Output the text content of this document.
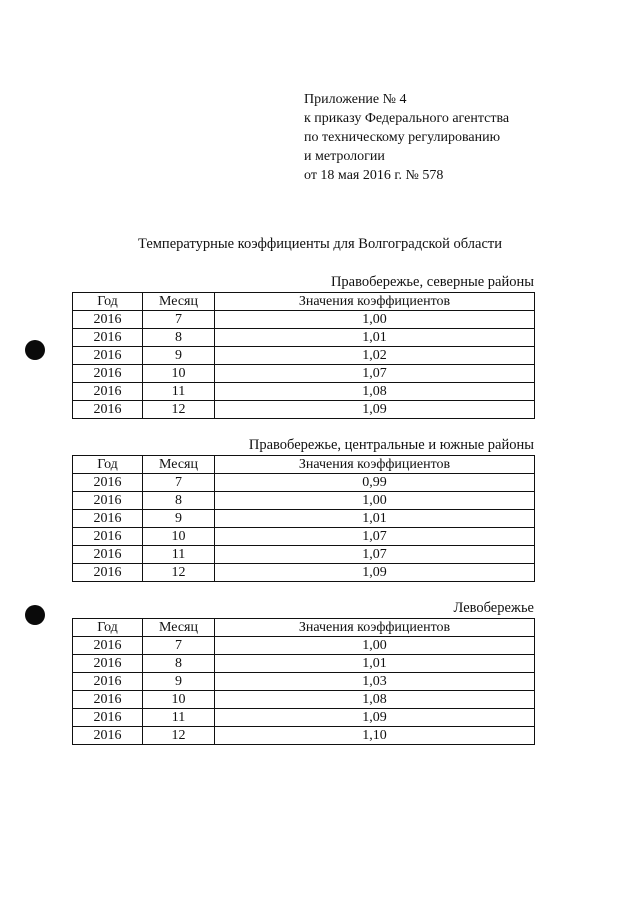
Приложение № 4
к приказу Федерального агентства
по техническому регулированию
и метрологии
от 18 мая 2016 г. № 578
Температурные коэффициенты для Волгоградской области
Правобережье, северные районы
Год	Месяц	Значения коэффициентов
2016	7	1,00
2016	8	1,01
2016	9	1,02
2016	10	1,07
2016	11	1,08
2016	12	1,09
Правобережье, центральные и южные районы
Год	Месяц	Значения коэффициентов
2016	7	0,99
2016	8	1,00
2016	9	1,01
2016	10	1,07
2016	11	1,07
2016	12	1,09
Левобережье
Год	Месяц	Значения коэффициентов
2016	7	1,00
2016	8	1,01
2016	9	1,03
2016	10	1,08
2016	11	1,09
2016	12	1,10
